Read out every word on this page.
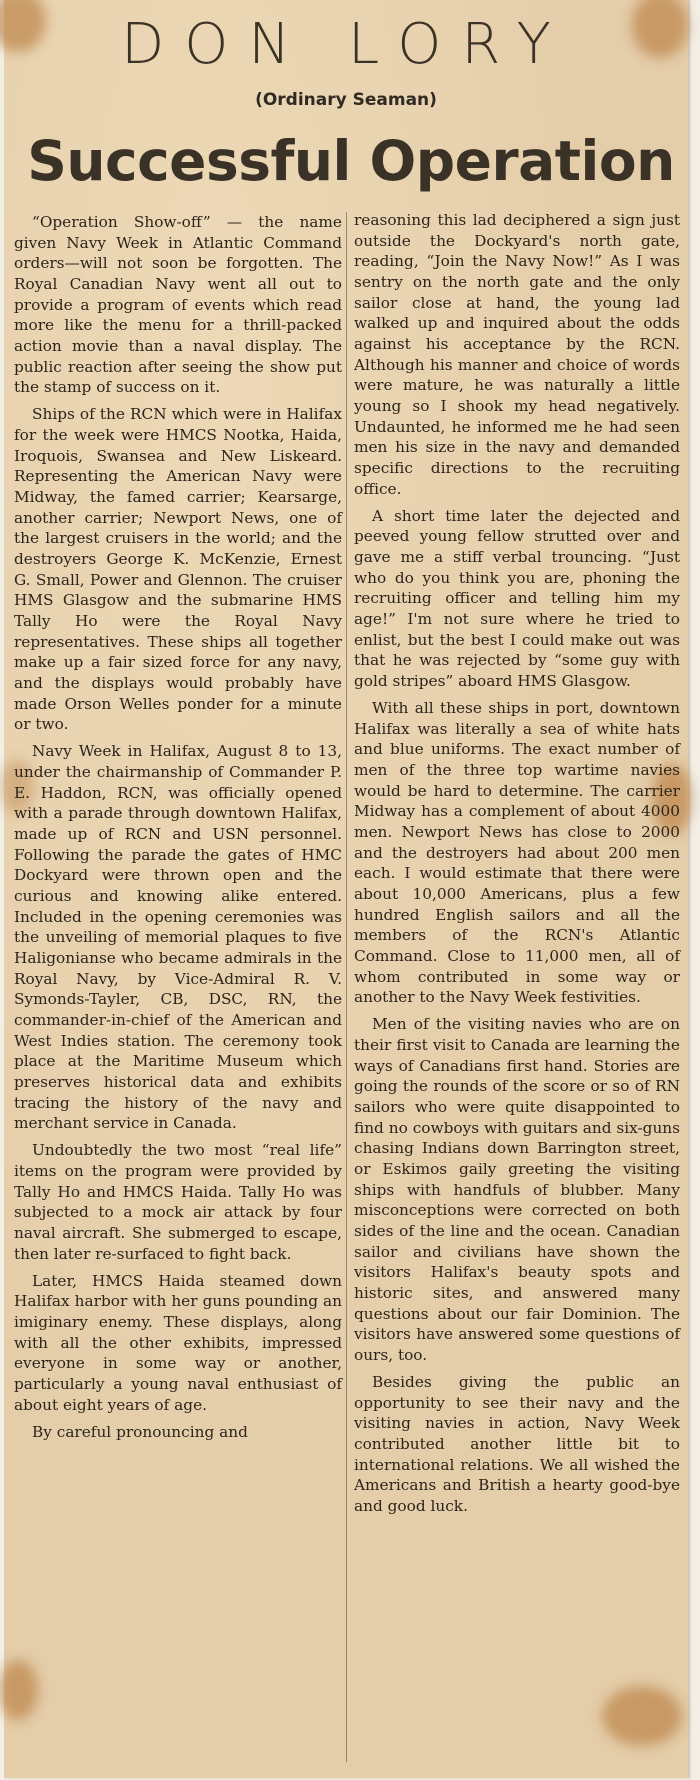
DON LORY
(Ordinary Seaman)
Successful Operation

“Operation Show-off” — the name given Navy Week in Atlantic Command orders—will not soon be forgotten. The Royal Canadian Navy went all out to provide a program of events which read more like the menu for a thrill-packed action movie than a naval display. The public reaction after seeing the show put the stamp of success on it.

Ships of the RCN which were in Halifax for the week were HMCS Nootka, Haida, Iroquois, Swansea and New Liskeard. Representing the American Navy were Midway, the famed carrier; Kearsarge, another carrier; Newport News, one of the largest cruisers in the world; and the destroyers George K. McKenzie, Ernest G. Small, Power and Glennon. The cruiser HMS Glasgow and the submarine HMS Tally Ho were the Royal Navy representatives. These ships all together make up a fair sized force for any navy, and the displays would probably have made Orson Welles ponder for a minute or two.

Navy Week in Halifax, August 8 to 13, under the chairmanship of Commander P. E. Haddon, RCN, was officially opened with a parade through downtown Halifax, made up of RCN and USN personnel. Following the parade the gates of HMC Dockyard were thrown open and the curious and knowing alike entered. Included in the opening ceremonies was the unveiling of memorial plaques to five Haligonianse who became admirals in the Royal Navy, by Vice-Admiral R. V. Symonds-Tayler, CB, DSC, RN, the commander-in-chief of the American and West Indies station. The ceremony took place at the Maritime Museum which preserves historical data and exhibits tracing the history of the navy and merchant service in Canada.

Undoubtedly the two most “real life” items on the program were provided by Tally Ho and HMCS Haida. Tally Ho was subjected to a mock air attack by four naval aircraft. She submerged to escape, then later re-surfaced to fight back.

Later, HMCS Haida steamed down Halifax harbor with her guns pounding an imiginary enemy. These displays, along with all the other exhibits, impressed everyone in some way or another, particularly a young naval enthusiast of about eight years of age.

By careful pronouncing and

reasoning this lad deciphered a sign just outside the Dockyard's north gate, reading, “Join the Navy Now!” As I was sentry on the north gate and the only sailor close at hand, the young lad walked up and inquired about the odds against his acceptance by the RCN. Although his manner and choice of words were mature, he was naturally a little young so I shook my head negatively. Undaunted, he informed me he had seen men his size in the navy and demanded specific directions to the recruiting office.

A short time later the dejected and peeved young fellow strutted over and gave me a stiff verbal trouncing. “Just who do you think you are, phoning the recruiting officer and telling him my age!” I'm not sure where he tried to enlist, but the best I could make out was that he was rejected by “some guy with gold stripes” aboard HMS Glasgow.

With all these ships in port, downtown Halifax was literally a sea of white hats and blue uniforms. The exact number of men of the three top wartime navies would be hard to determine. The carrier Midway has a complement of about 4000 men. Newport News has close to 2000 and the destroyers had about 200 men each. I would estimate that there were about 10,000 Americans, plus a few hundred English sailors and all the members of the RCN's Atlantic Command. Close to 11,000 men, all of whom contributed in some way or another to the Navy Week festivities.

Men of the visiting navies who are on their first visit to Canada are learning the ways of Canadians first hand. Stories are going the rounds of the score or so of RN sailors who were quite disappointed to find no cowboys with guitars and six-guns chasing Indians down Barrington street, or Eskimos gaily greeting the visiting ships with handfuls of blubber. Many misconceptions were corrected on both sides of the line and the ocean. Canadian sailor and civilians have shown the visitors Halifax's beauty spots and historic sites, and answered many questions about our fair Dominion. The visitors have answered some questions of ours, too.

Besides giving the public an opportunity to see their navy and the visiting navies in action, Navy Week contributed another little bit to international relations. We all wished the Americans and British a hearty good-bye and good luck.
